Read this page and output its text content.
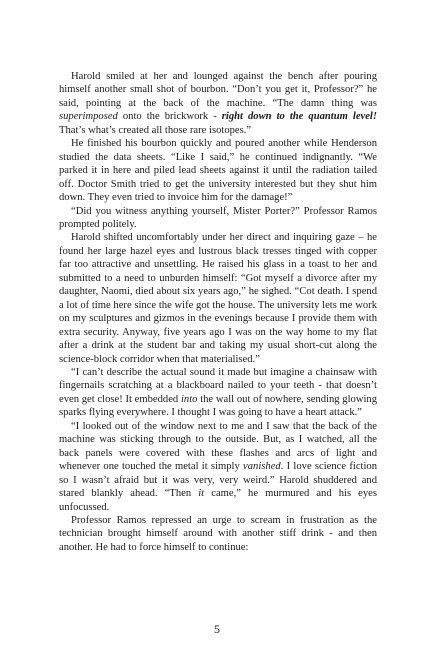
Harold smiled at her and lounged against the bench after pouring himself another small shot of bourbon. “Don’t you get it, Professor?” he said, pointing at the back of the machine. “The damn thing was superimposed onto the brickwork - right down to the quantum level! That’s what’s created all those rare isotopes.”

He finished his bourbon quickly and poured another while Henderson studied the data sheets. “Like I said,” he continued indignantly. “We parked it in here and piled lead sheets against it until the radiation tailed off. Doctor Smith tried to get the university interested but they shut him down. They even tried to invoice him for the damage!”

“Did you witness anything yourself, Mister Porter?” Professor Ramos prompted politely.

Harold shifted uncomfortably under her direct and inquiring gaze – he found her large hazel eyes and lustrous black tresses tinged with copper far too attractive and unsettling. He raised his glass in a toast to her and submitted to a need to unburden himself: “Got myself a divorce after my daughter, Naomi, died about six years ago,” he sighed. “Cot death. I spend a lot of time here since the wife got the house. The university lets me work on my sculptures and gizmos in the evenings because I provide them with extra security. Anyway, five years ago I was on the way home to my flat after a drink at the student bar and taking my usual short-cut along the science-block corridor when that materialised.”

“I can’t describe the actual sound it made but imagine a chainsaw with fingernails scratching at a blackboard nailed to your teeth - that doesn’t even get close! It embedded into the wall out of nowhere, sending glowing sparks flying everywhere. I thought I was going to have a heart attack.”

“I looked out of the window next to me and I saw that the back of the machine was sticking through to the outside. But, as I watched, all the back panels were covered with these flashes and arcs of light and whenever one touched the metal it simply vanished. I love science fiction so I wasn’t afraid but it was very, very weird.” Harold shuddered and stared blankly ahead. “Then it came,” he murmured and his eyes unfocussed.

Professor Ramos repressed an urge to scream in frustration as the technician brought himself around with another stiff drink - and then another. He had to force himself to continue:

5
